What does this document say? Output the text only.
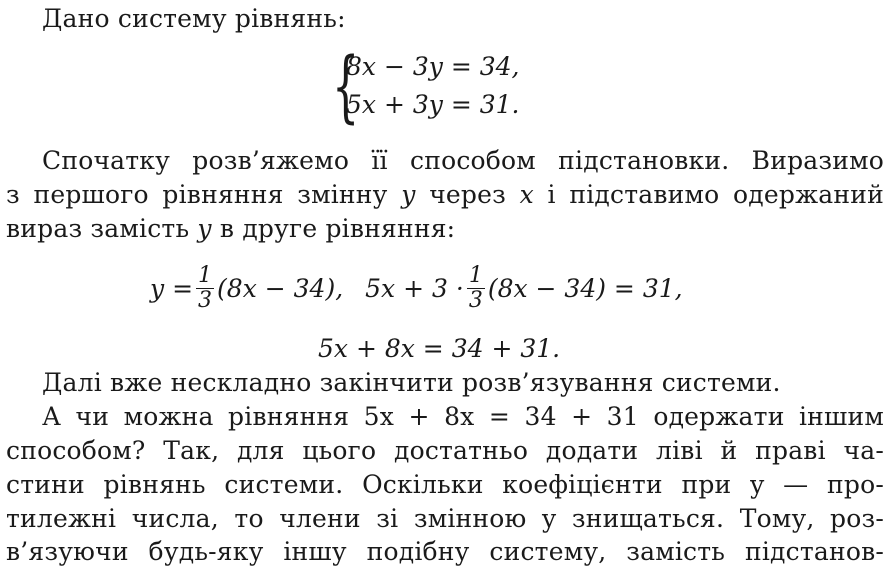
Дано систему рівнянь:
{
8x − 3y = 34,
5x + 3y = 31.
Спочатку розв’яжемо її способом підстановки. Виразимо
з першого рівняння змінну y через x і підставимо одержаний
вираз замість y в друге рівняння:
$y = \frac{1}{3} (8x - 34)$, $5x + 3 \cdot \frac{1}{3} (8x - 34) = 31$,
5x + 8x = 34 + 31.
Далі вже нескладно закінчити розв’язування системи.
А чи можна рівняння 5x + 8x = 34 + 31 одержати іншим
способом? Так, для цього достатньо додати ліві й праві ча-
стини рівнянь системи. Оскільки коефіцієнти при y — про-
тилежні числа, то члени зі змінною y знищаться. Тому, роз-
в’язуючи будь-яку іншу подібну систему, замість підстанов-
